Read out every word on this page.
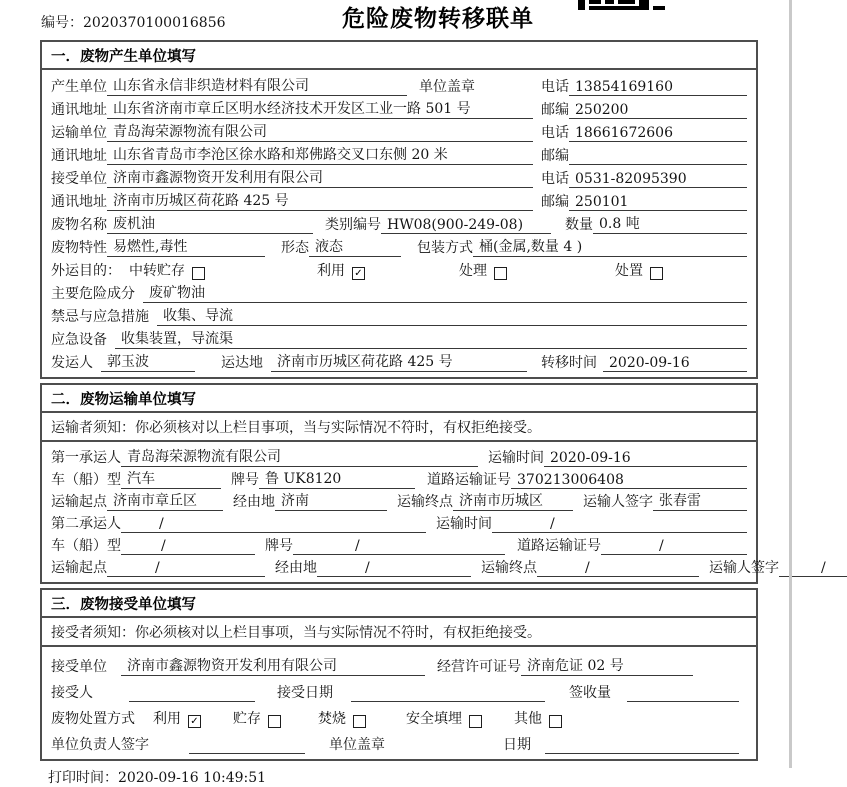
编号：2020370100016856	危险废物转移联单
一．废物产生单位填写
产生单位 山东省永信非织造材料有限公司	单位盖章	电话 13854169160
通讯地址 山东省济南市章丘区明水经济技术开发区工业一路 501 号	邮编 250200
运输单位 青岛海荣源物流有限公司	电话 18661672606
通讯地址 山东省青岛市李沧区徐水路和郑佛路交叉口东侧 20 米	邮编
接受单位 济南市鑫源物资开发利用有限公司	电话 0531-82095390
通讯地址 济南市历城区荷花路 425 号	邮编 250101
废物名称 废机油	类别编号 HW08(900-249-08)	数量 0.8 吨
废物特性 易燃性,毒性	形态 液态	包装方式 桶(金属,数量 4 )
外运目的： 中转贮存	利用 ✓	处理	处置
主要危险成分	废矿物油
禁忌与应急措施	收集、导流
应急设备	收集装置，导流渠
发运人	郭玉波	运达地	济南市历城区荷花路 425 号	转移时间 2020-09-16
二．废物运输单位填写
运输者须知：你必须核对以上栏目事项，当与实际情况不符时，有权拒绝接受。
第一承运人 青岛海荣源物流有限公司	运输时间 2020-09-16
车（船）型 汽车	牌号 鲁 UK8120	道路运输证号 370213006408
运输起点 济南市章丘区	经由地 济南	运输终点 济南市历城区	运输人签字 张春雷
第二承运人	/	运输时间	/
车（船）型	/	牌号	/	道路运输证号	/
运输起点	/	经由地	/	运输终点	/	运输人签字	/
三．废物接受单位填写
接受者须知：你必须核对以上栏目事项，当与实际情况不符时，有权拒绝接受。
接受单位	济南市鑫源物资开发利用有限公司	经营许可证号 济南危证 02 号
接受人	接受日期	签收量
废物处置方式 利用 ✓ 贮存	焚烧	安全填埋	其他
单位负责人签字	单位盖章	日期
打印时间：2020-09-16 10:49:51
